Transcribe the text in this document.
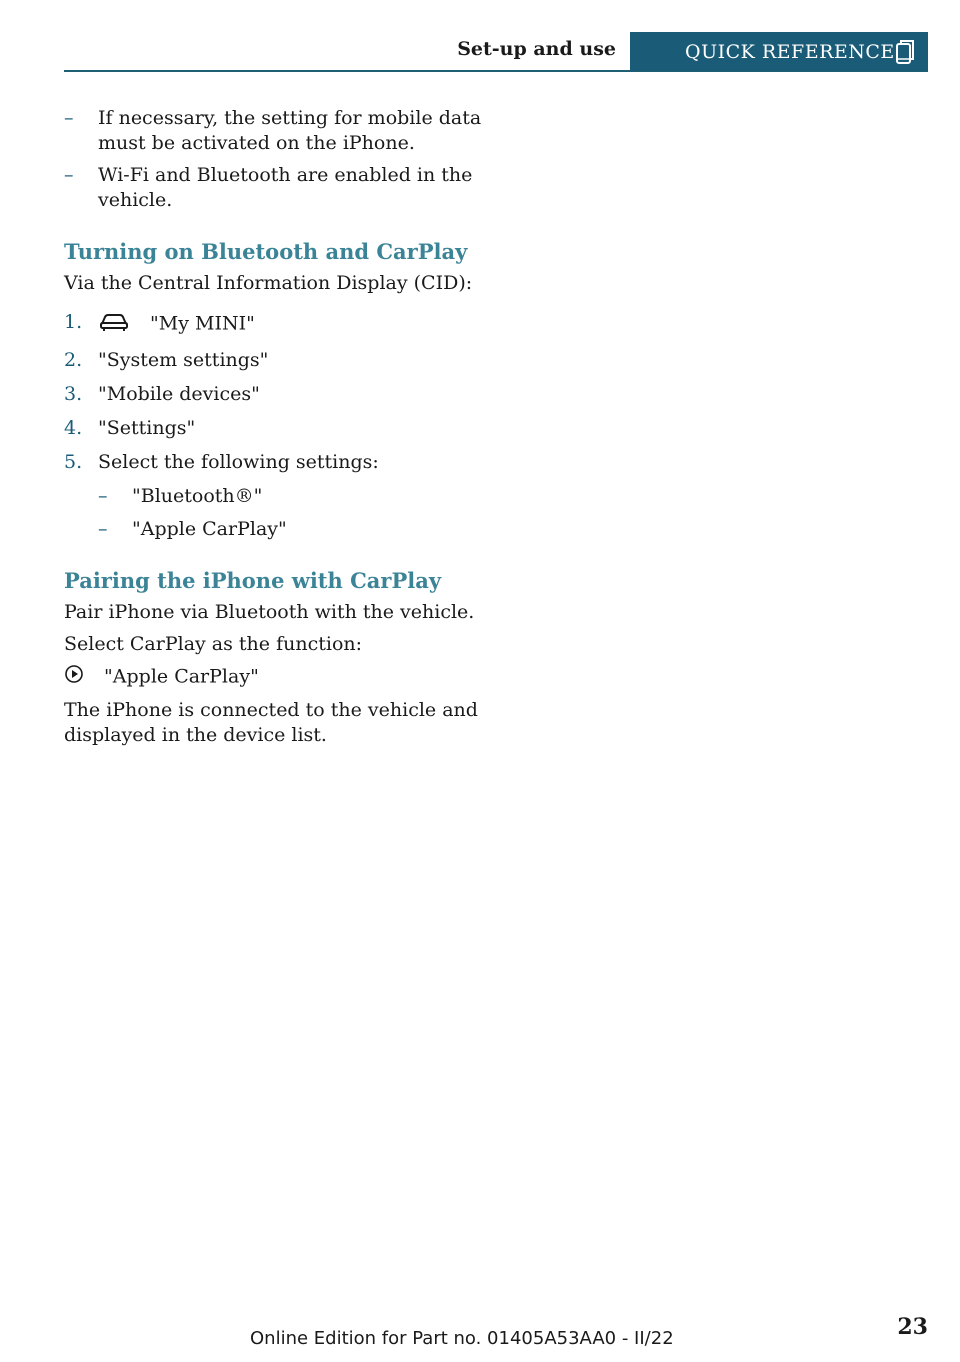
Set-up and use	QUICK REFERENCE
– If necessary, the setting for mobile data must be activated on the iPhone.
– Wi-Fi and Bluetooth are enabled in the vehicle.
Turning on Bluetooth and CarPlay
Via the Central Information Display (CID):
1.	"My MINI"
2. "System settings"
3. "Mobile devices"
4. "Settings"
5. Select the following settings:
– "Bluetooth®"
– "Apple CarPlay"
Pairing the iPhone with CarPlay
Pair iPhone via Bluetooth with the vehicle.
Select CarPlay as the function:
"Apple CarPlay"
The iPhone is connected to the vehicle and displayed in the device list.
Online Edition for Part no. 01405A53AA0 - II/22	23
